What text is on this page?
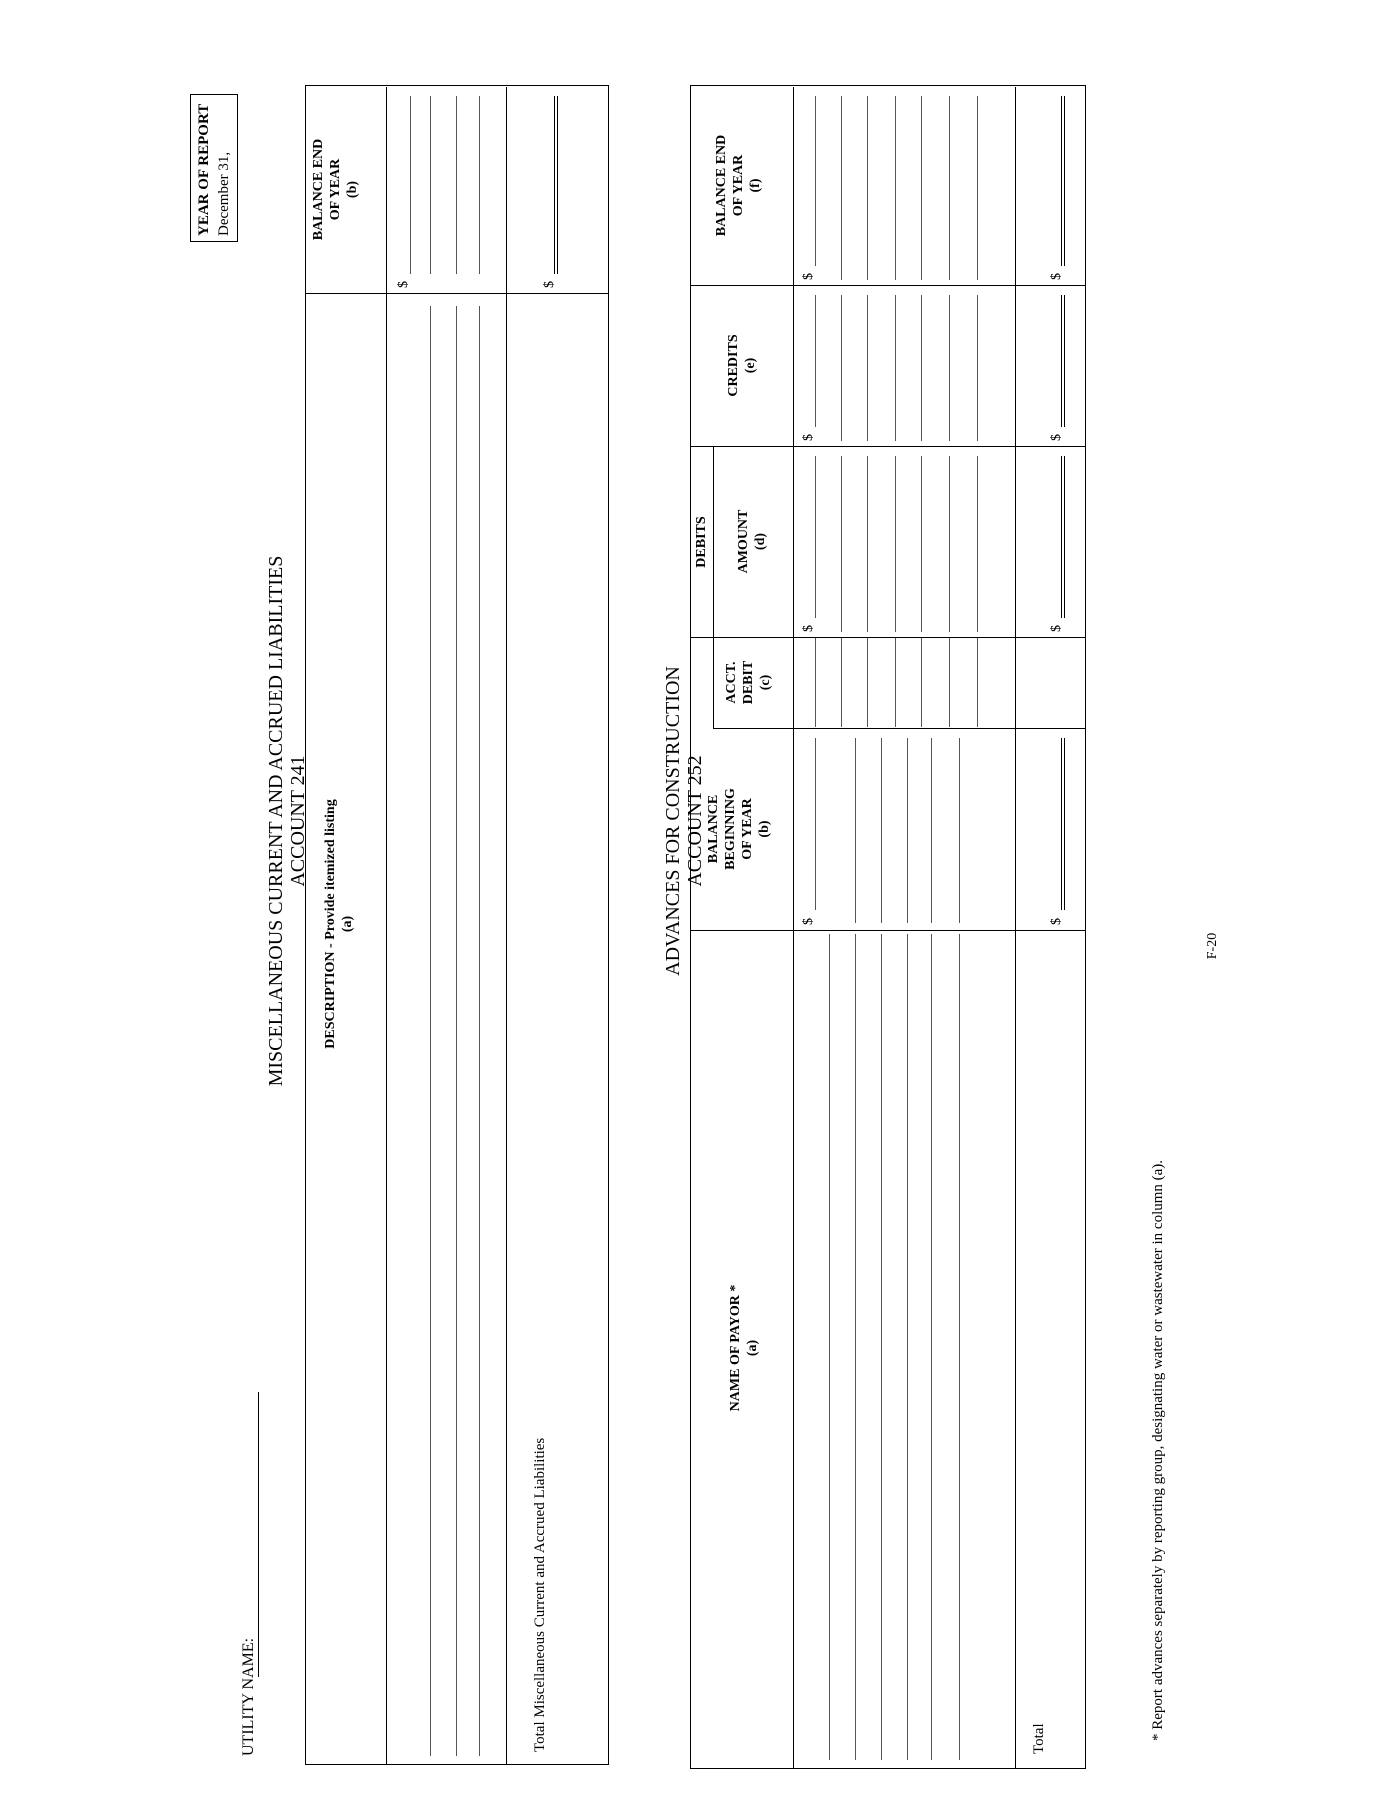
UTILITY NAME:
YEAR OF REPORT December 31,
MISCELLANEOUS CURRENT AND ACCRUED LIABILITIES ACCOUNT 241 DESCRIPTION - Provide itemized listing (a)
BALANCE END OF YEAR (b)
$
Total Miscellaneous Current and Accrued Liabilities
$
ADVANCES FOR CONSTRUCTION ACCOUNT 252
NAME OF PAYOR * (a)
BALANCE BEGINNING OF YEAR (b)
DEBITS
ACCT. DEBIT (c)
AMOUNT (d)
CREDITS (e)
BALANCE END OF YEAR (f)
$
$
$
$
Total
$
$
$
$
* Report advances separately by reporting group, designating water or wastewater in column (a).
F-20
